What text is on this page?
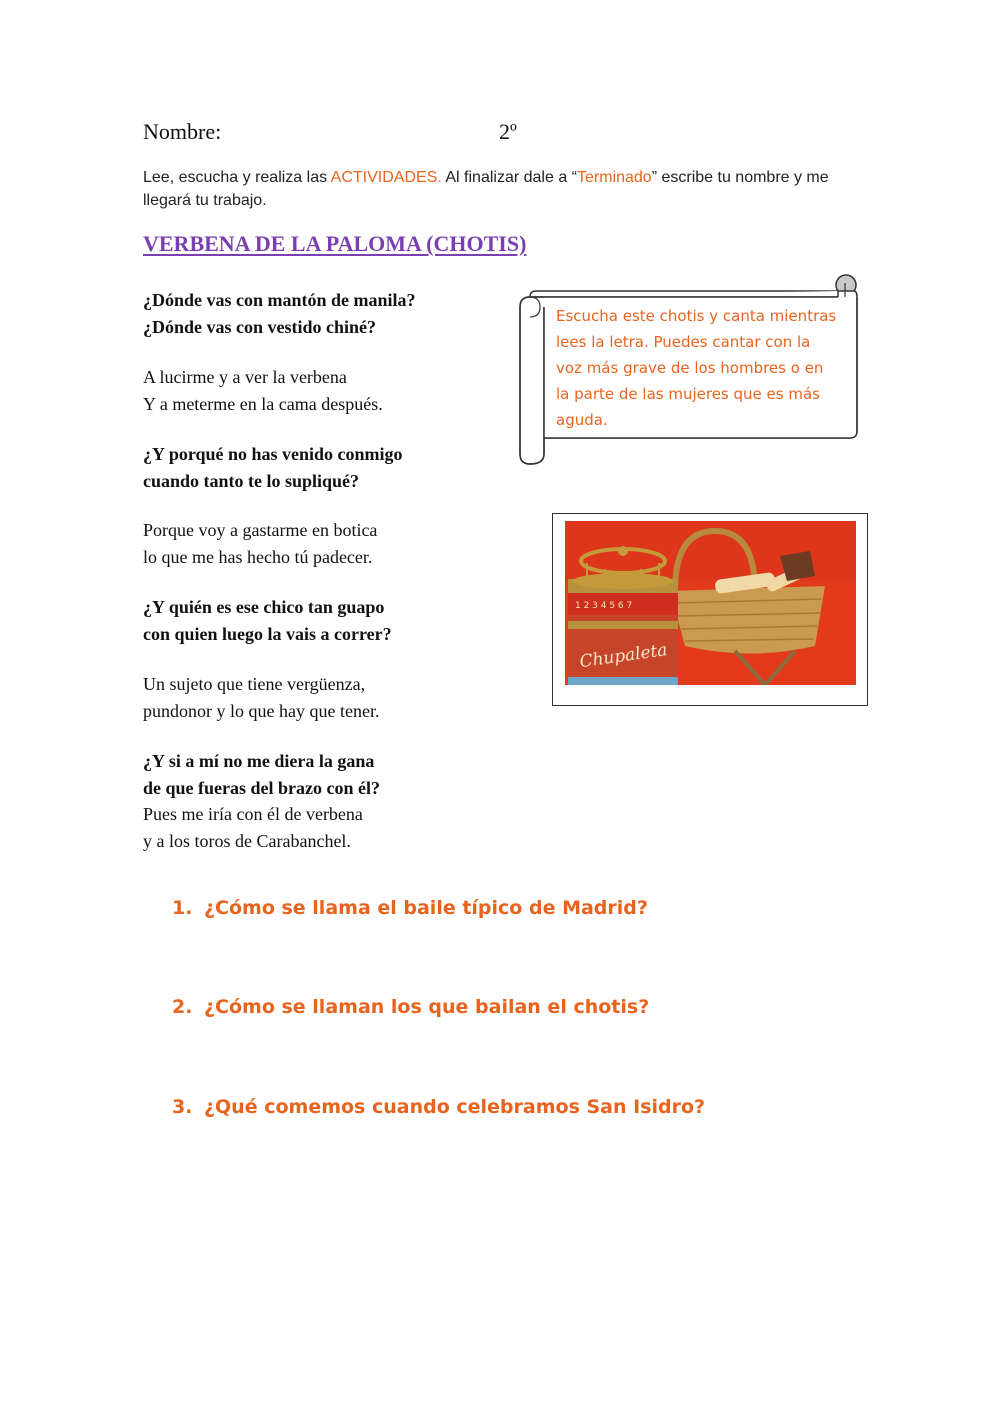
Nombre:	2º
Lee, escucha y realiza las ACTIVIDADES. Al finalizar dale a “Terminado” escribe tu nombre y me llegará tu trabajo.
VERBENA DE LA PALOMA (CHOTIS)
¿Dónde vas con mantón de manila?
¿Dónde vas con vestido chiné?
A lucirme y a ver la verbena
Y a meterme en la cama después.
¿Y porqué no has venido conmigo
cuando tanto te lo supliqué?
Porque voy a gastarme en botica
lo que me has hecho tú padecer.
¿Y quién es ese chico tan guapo
con quien luego la vais a correr?
Un sujeto que tiene vergüenza,
pundonor y lo que hay que tener.
¿Y si a mí no me diera la gana
de que fueras del brazo con él?
Pues me iría con él de verbena
y a los toros de Carabanchel.
Escucha este chotis y canta mientras lees la letra. Puedes cantar con la voz más grave de los hombres o en la parte de las mujeres que es más aguda.
1 2 3 4 5 6 7
Chupaleta
1. ¿Cómo se llama el baile típico de Madrid?
2. ¿Cómo se llaman los que bailan el chotis?
3. ¿Qué comemos cuando celebramos San Isidro?
